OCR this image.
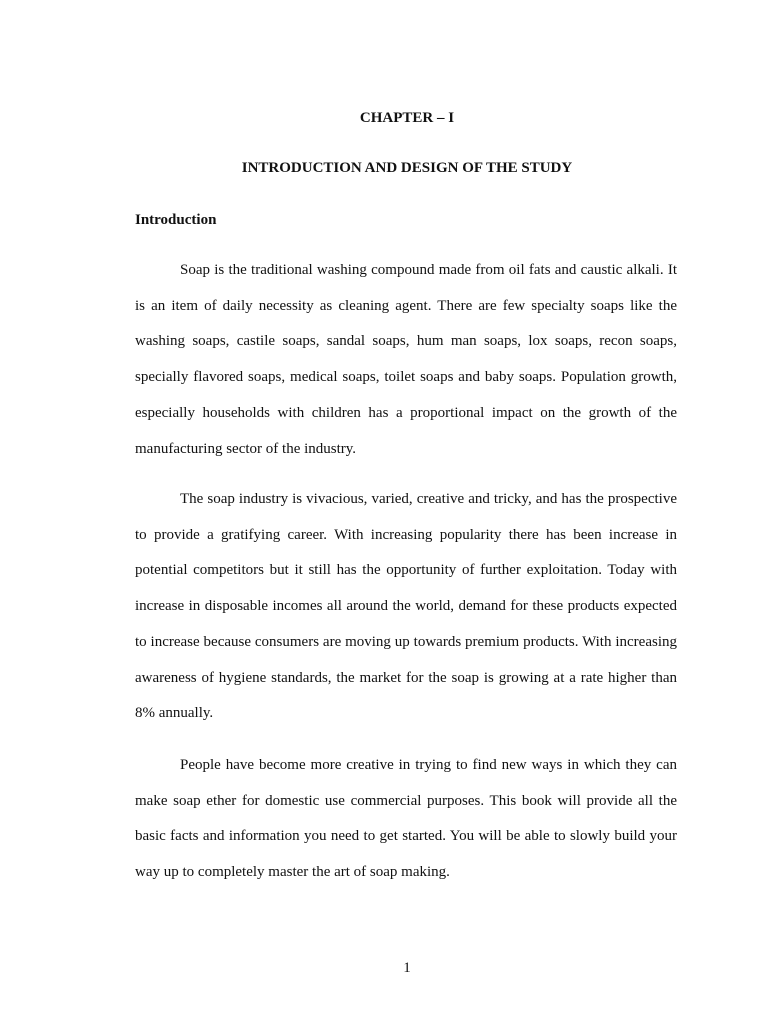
CHAPTER – I
INTRODUCTION AND DESIGN OF THE STUDY
Introduction

Soap is the traditional washing compound made from oil fats and caustic alkali. It is an item of daily necessity as cleaning agent. There are few specialty soaps like the washing soaps, castile soaps, sandal soaps, hum man soaps, lox soaps, recon soaps, specially flavored soaps, medical soaps, toilet soaps and baby soaps. Population growth, especially households with children has a proportional impact on the growth of the manufacturing sector of the industry.

The soap industry is vivacious, varied, creative and tricky, and has the prospective to provide a gratifying career. With increasing popularity there has been increase in potential competitors but it still has the opportunity of further exploitation. Today with increase in disposable incomes all around the world, demand for these products expected to increase because consumers are moving up towards premium products. With increasing awareness of hygiene standards, the market for the soap is growing at a rate higher than 8% annually.

People have become more creative in trying to find new ways in which they can make soap ether for domestic use commercial purposes. This book will provide all the basic facts and information you need to get started. You will be able to slowly build your way up to completely master the art of soap making.

1
